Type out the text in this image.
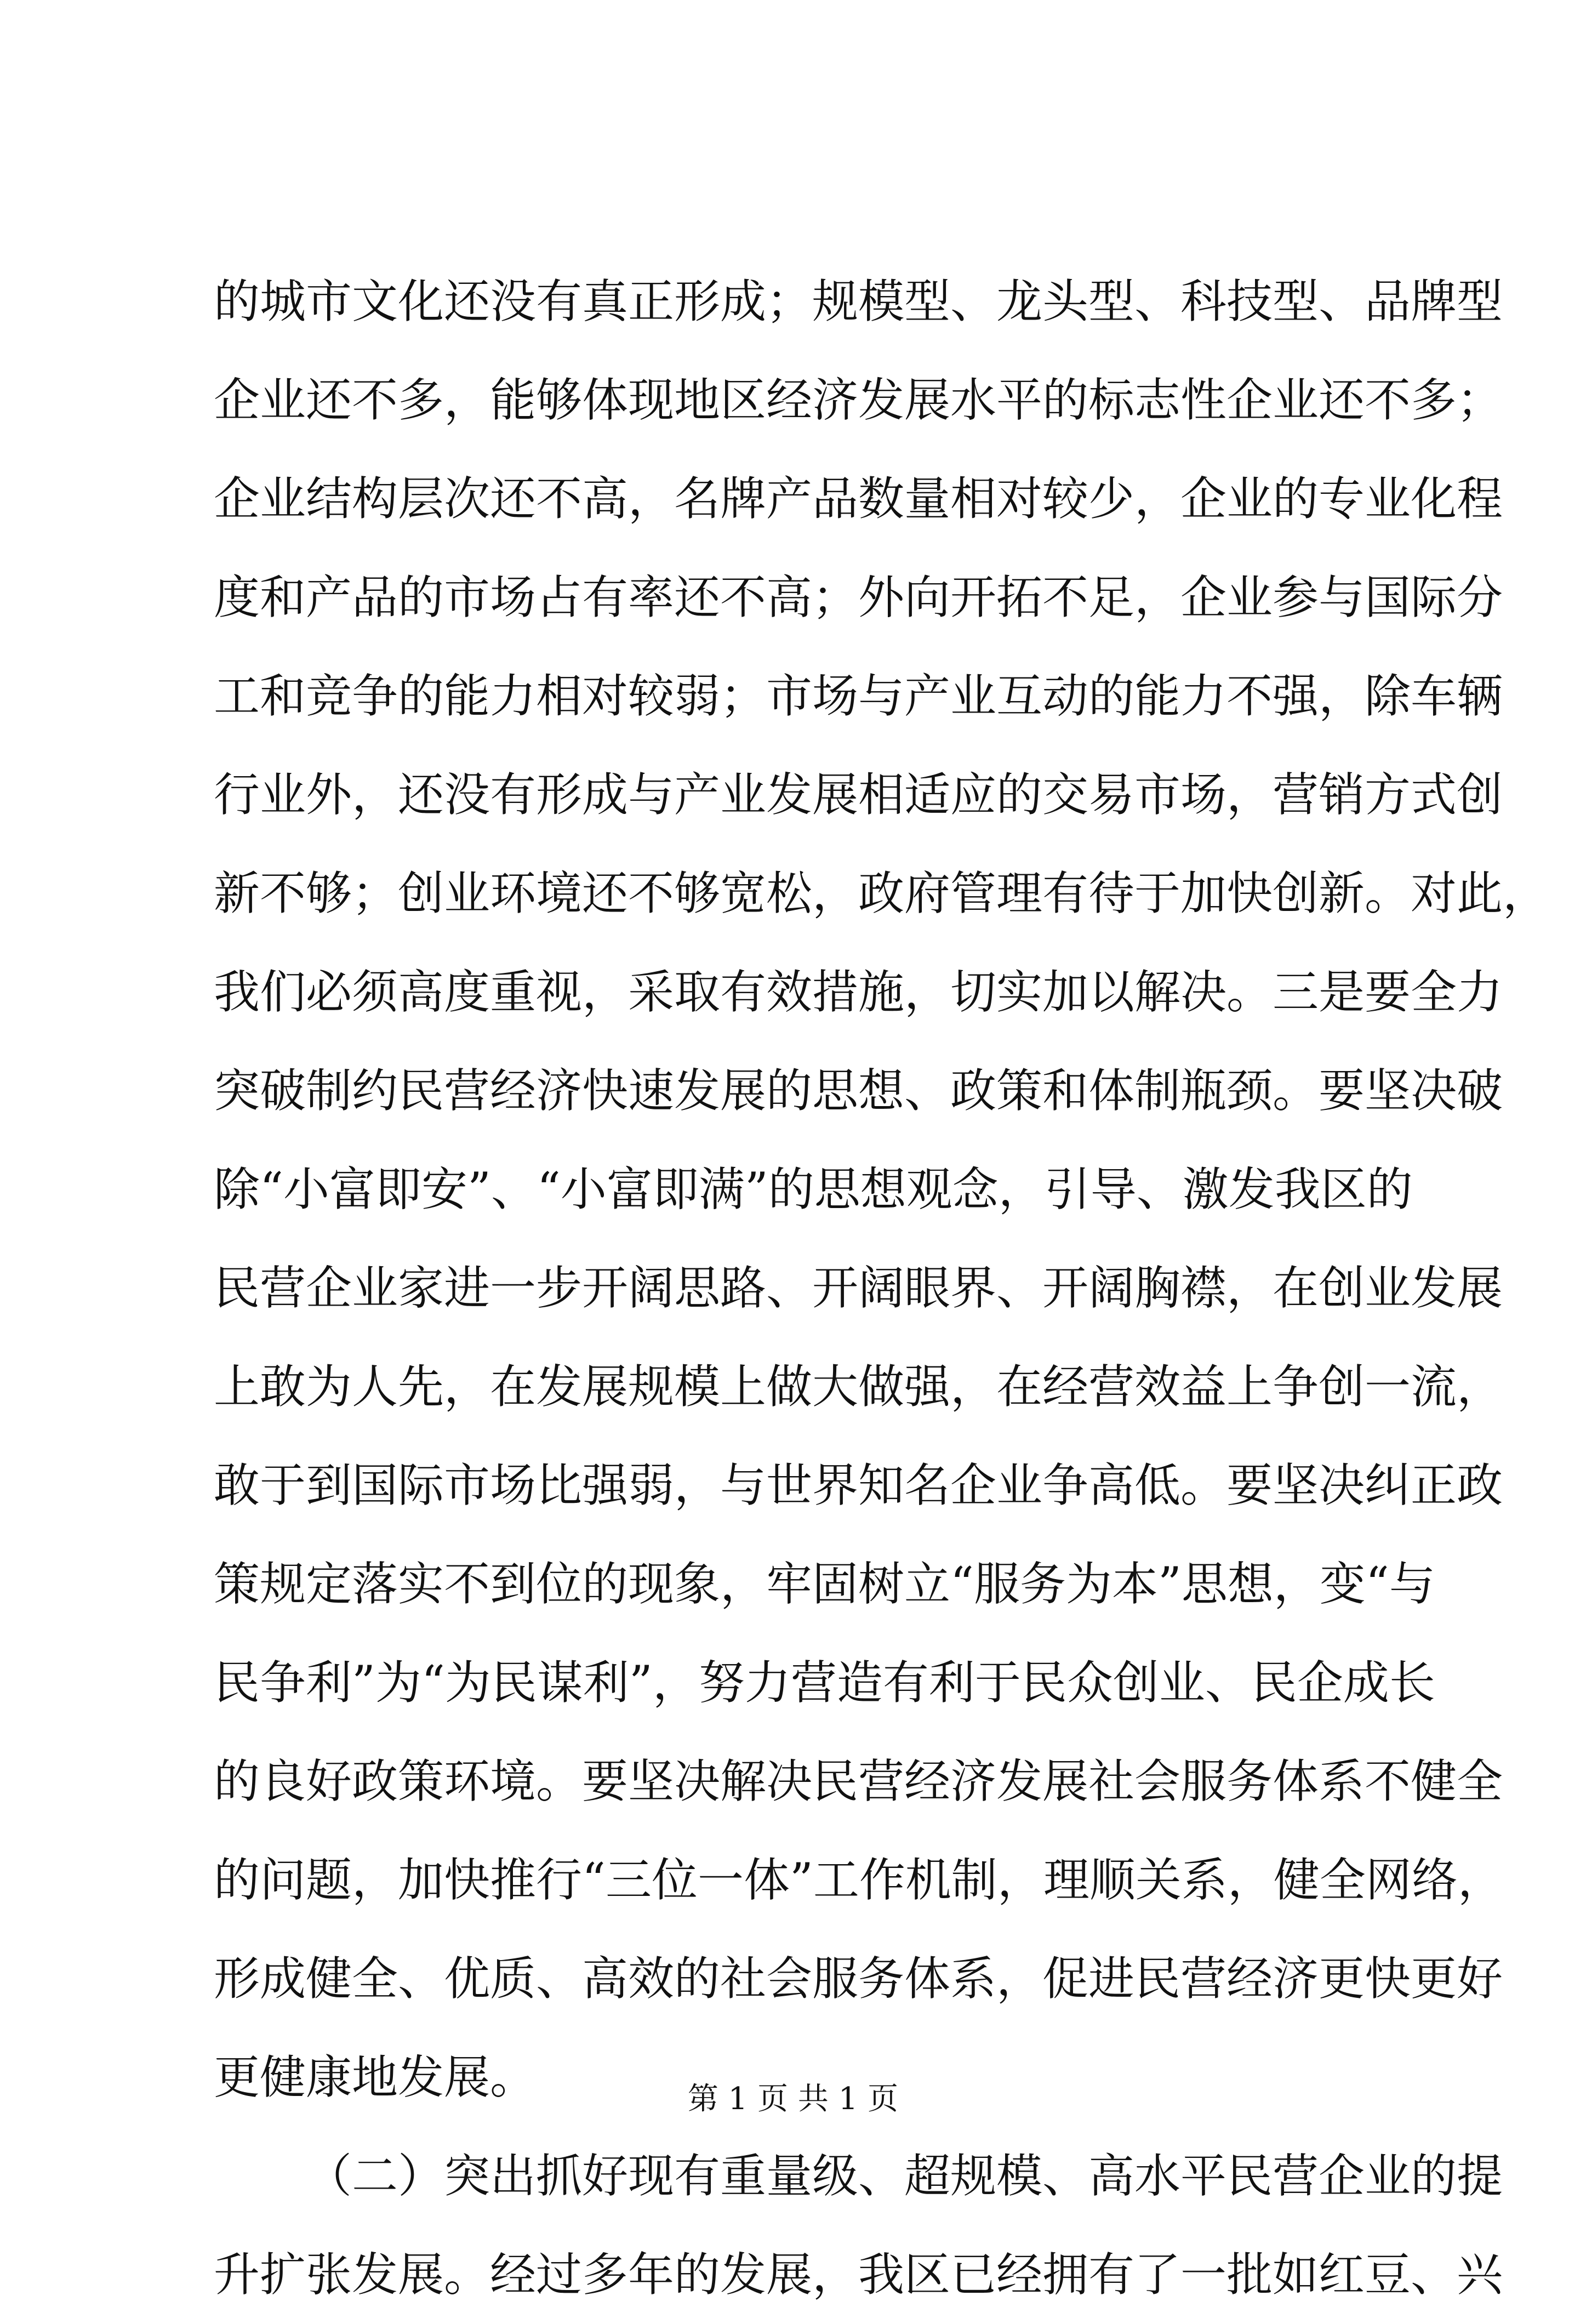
的城市文化还没有真正形成；规模型、龙头型、科技型、品牌型
企业还不多，能够体现地区经济发展水平的标志性企业还不多；
企业结构层次还不高，名牌产品数量相对较少，企业的专业化程
度和产品的市场占有率还不高；外向开拓不足，企业参与国际分
工和竞争的能力相对较弱；市场与产业互动的能力不强，除车辆
行业外，还没有形成与产业发展相适应的交易市场，营销方式创
新不够；创业环境还不够宽松，政府管理有待于加快创新。对此，
我们必须高度重视，采取有效措施，切实加以解决。三是要全力
突破制约民营经济快速发展的思想、政策和体制瓶颈。要坚决破
除“小富即安”、“小富即满”的思想观念，引导、激发我区的
民营企业家进一步开阔思路、开阔眼界、开阔胸襟，在创业发展
上敢为人先，在发展规模上做大做强，在经营效益上争创一流，
敢于到国际市场比强弱，与世界知名企业争高低。要坚决纠正政
策规定落实不到位的现象，牢固树立“服务为本”思想，变“与
民争利”为“为民谋利”，努力营造有利于民众创业、民企成长
的良好政策环境。要坚决解决民营经济发展社会服务体系不健全
的问题，加快推行“三位一体”工作机制，理顺关系，健全网络，
形成健全、优质、高效的社会服务体系，促进民营经济更快更好
更健康地发展。
（二）突出抓好现有重量级、超规模、高水平民营企业的提
升扩张发展。经过多年的发展，我区已经拥有了一批如红豆、兴
第 1 页 共 1 页
